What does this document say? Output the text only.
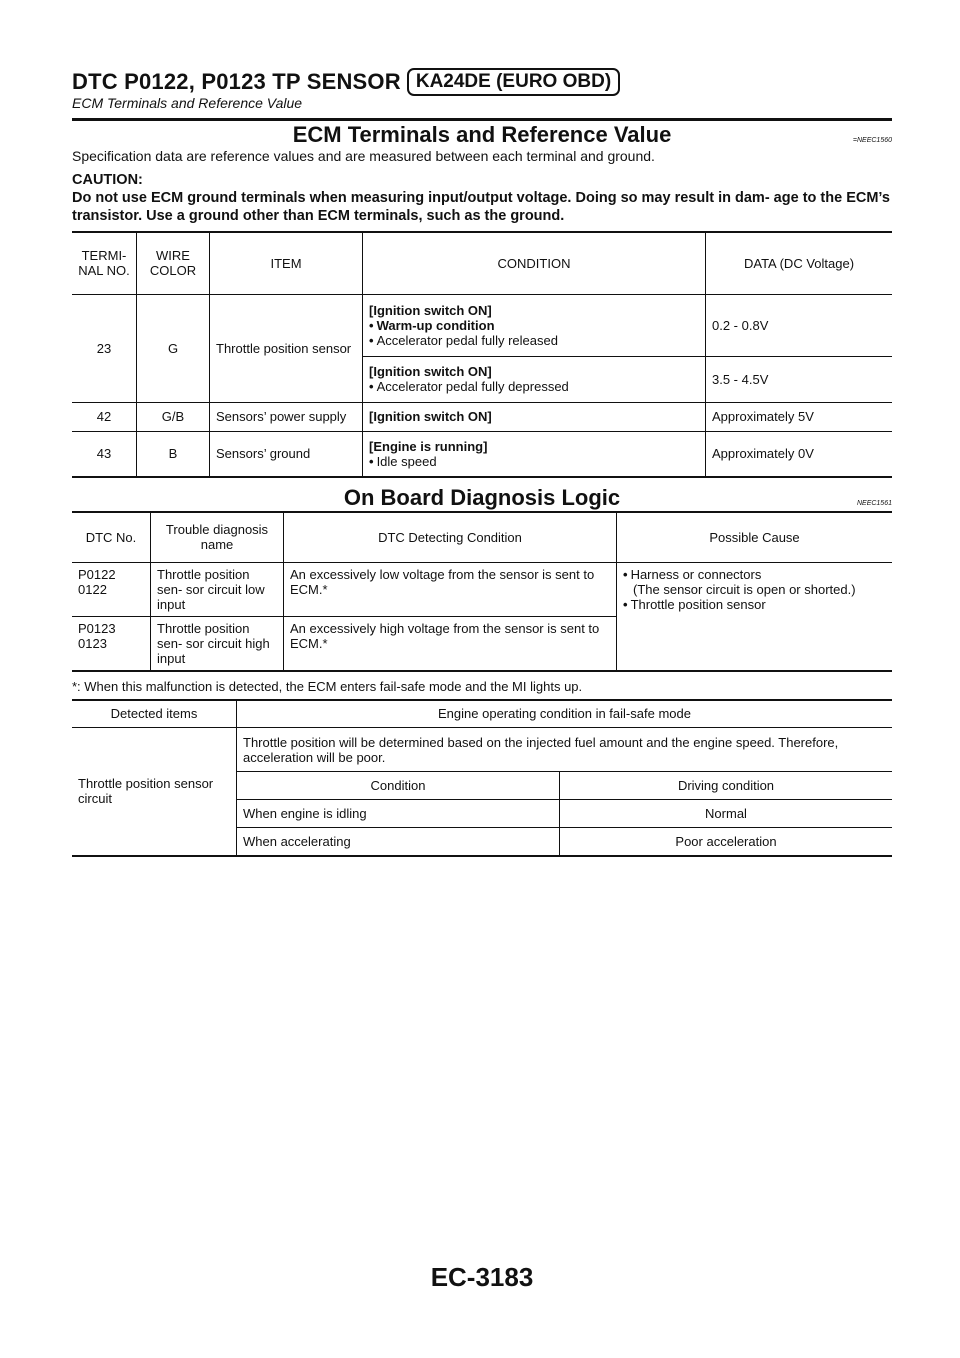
DTC P0122, P0123 TP SENSOR KA24DE (EURO OBD)
ECM Terminals and Reference Value
ECM Terminals and Reference Value	=NEEC1560

Specification data are reference values and are measured between each terminal and ground.

CAUTION:
Do not use ECM ground terminals when measuring input/output voltage. Doing so may result in dam- age to the ECM’s transistor. Use a ground other than ECM terminals, such as the ground.
TERMI- NAL NO.	WIRE COLOR	ITEM	CONDITION	DATA (DC Voltage)
23	G	Throttle position sensor	[Ignition switch ON]
• Warm-up condition
• Accelerator pedal fully released	0.2 - 0.8V

			[Ignition switch ON]
• Accelerator pedal fully depressed	3.5 - 4.5V
42	G/B	Sensors’ power supply	[Ignition switch ON]	Approximately 5V
43	B	Sensors’ ground	[Engine is running]
• Idle speed	Approximately 0V
On Board Diagnosis Logic	NEEC1561
DTC No.	Trouble diagnosis name	DTC Detecting Condition	Possible Cause

P0122
0122	Throttle position sen- sor circuit low input	An excessively low voltage from the sensor is sent to ECM.*	• Harness or connectors
(The sensor circuit is open or shorted.)
• Throttle position sensor

P0123
0123	Throttle position sen- sor circuit high input	An excessively high voltage from the sensor is sent to ECM.*	

*: When this malfunction is detected, the ECM enters fail-safe mode and the MI lights up.

Detected items	Engine operating condition in fail-safe mode	
Throttle position sensor circuit	Throttle position will be determined based on the injected fuel amount and the engine speed. Therefore, acceleration will be poor.	
	Condition	Driving condition
	When engine is idling	Normal
	When accelerating	Poor acceleration
EC-3183
